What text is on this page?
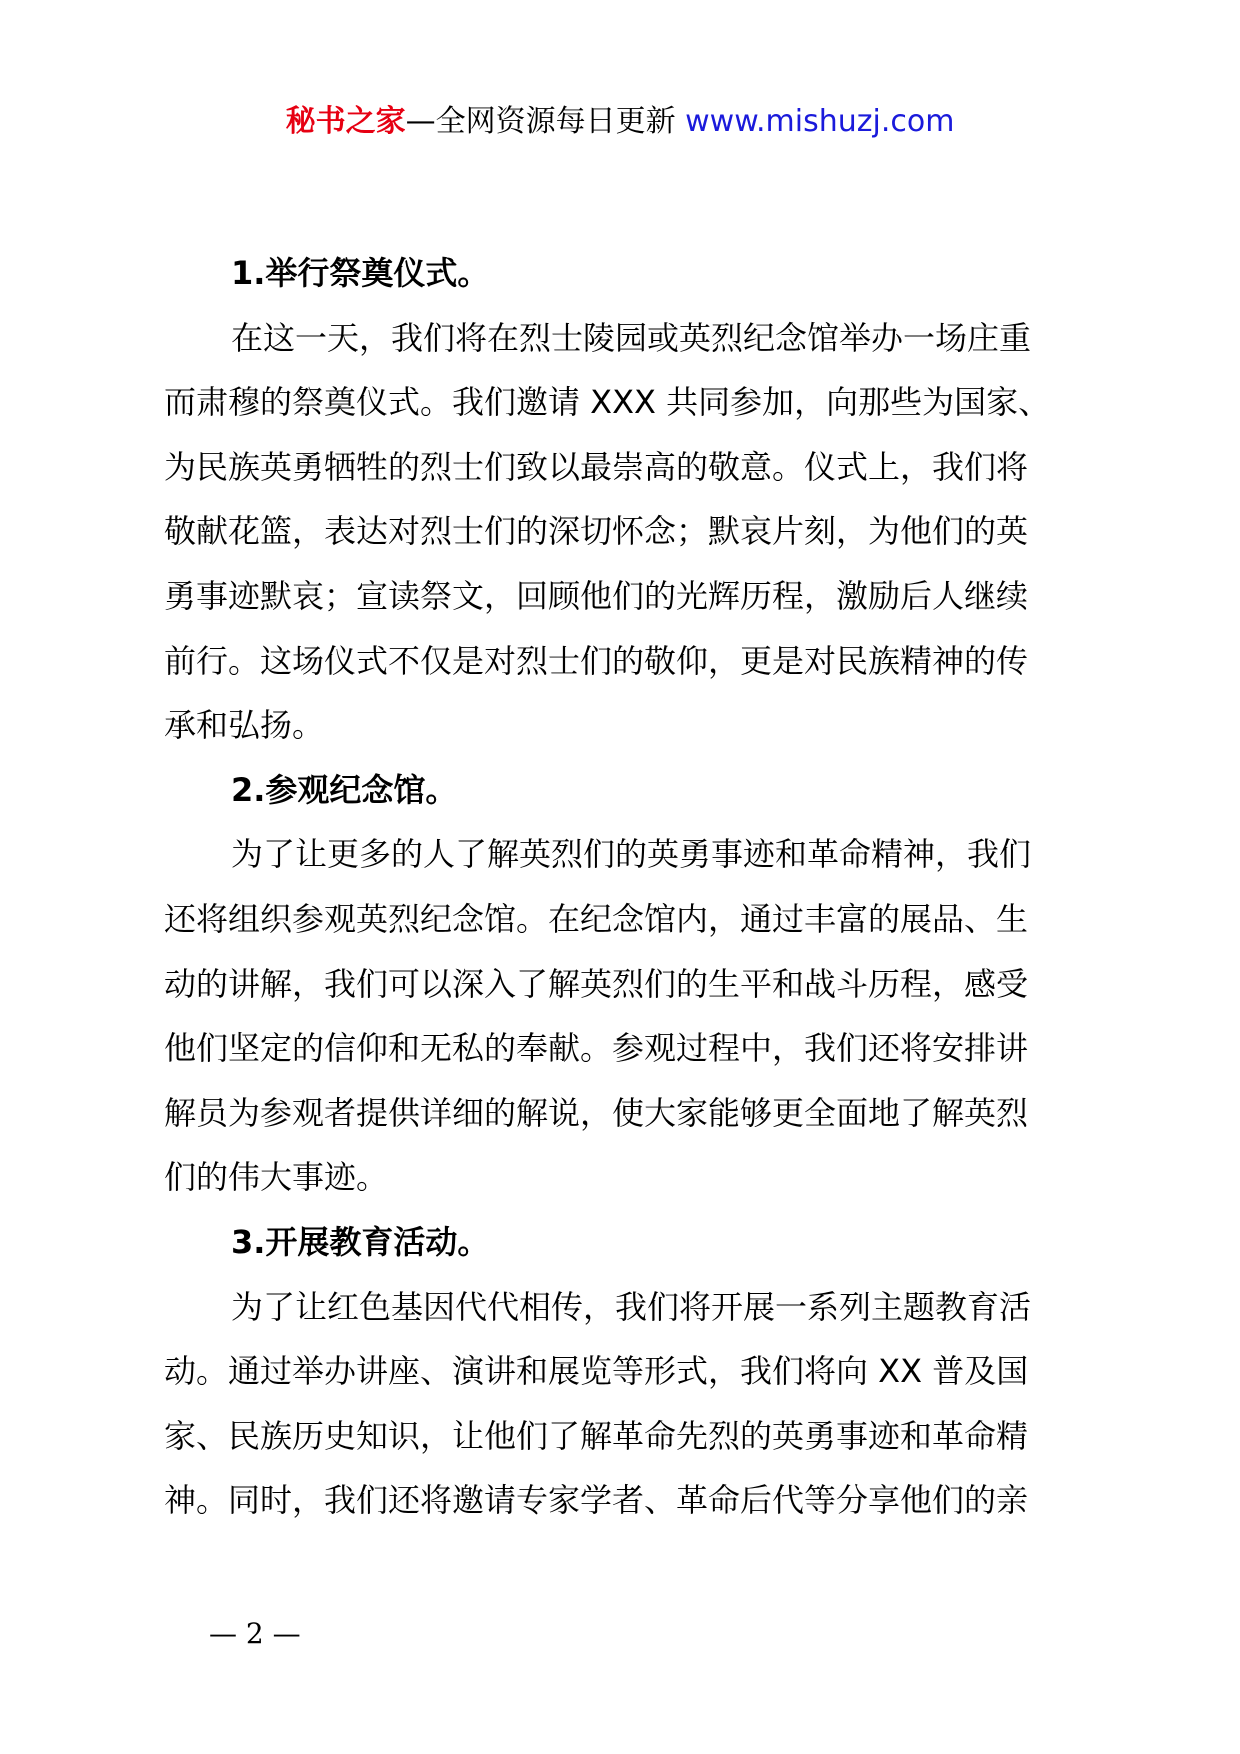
秘书之家—全网资源每日更新 www.mishuzj.com
1.举行祭奠仪式。
在这一天，我们将在烈士陵园或英烈纪念馆举办一场庄重
而肃穆的祭奠仪式。我们邀请 XXX 共同参加，向那些为国家、
为民族英勇牺牲的烈士们致以最崇高的敬意。仪式上，我们将
敬献花篮，表达对烈士们的深切怀念；默哀片刻，为他们的英
勇事迹默哀；宣读祭文，回顾他们的光辉历程，激励后人继续
前行。这场仪式不仅是对烈士们的敬仰，更是对民族精神的传
承和弘扬。
2.参观纪念馆。
为了让更多的人了解英烈们的英勇事迹和革命精神，我们
还将组织参观英烈纪念馆。在纪念馆内，通过丰富的展品、生
动的讲解，我们可以深入了解英烈们的生平和战斗历程，感受
他们坚定的信仰和无私的奉献。参观过程中，我们还将安排讲
解员为参观者提供详细的解说，使大家能够更全面地了解英烈
们的伟大事迹。
3.开展教育活动。
为了让红色基因代代相传，我们将开展一系列主题教育活
动。通过举办讲座、演讲和展览等形式，我们将向 XX 普及国
家、民族历史知识，让他们了解革命先烈的英勇事迹和革命精
神。同时，我们还将邀请专家学者、革命后代等分享他们的亲
— 2 —
